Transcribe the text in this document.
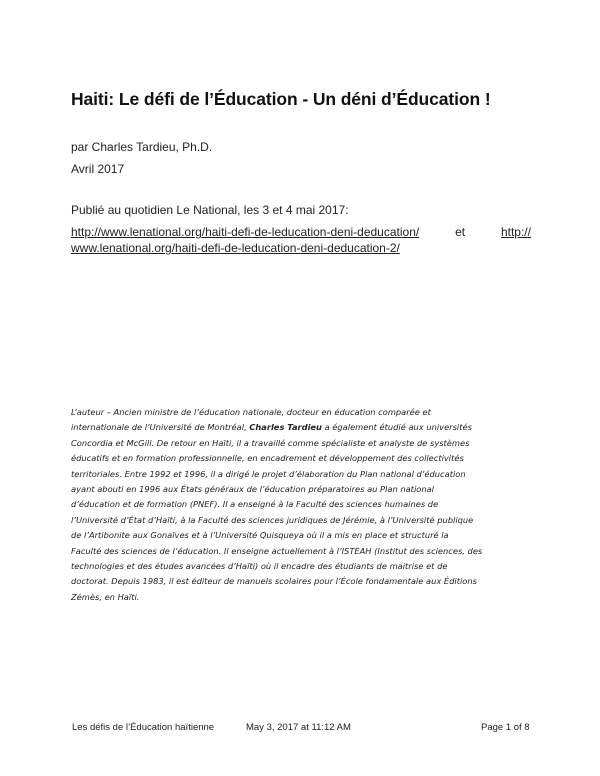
Haiti: Le défi de l’Éducation - Un déni d’Éducation !
par Charles Tardieu, Ph.D.
Avril 2017
Publié au quotidien Le National, les 3 et 4 mai 2017:
http://www.lenational.org/haiti-defi-de-leducation-deni-deducation/	et	http://
www.lenational.org/haiti-defi-de-leducation-deni-deducation-2/
L’auteur – Ancien ministre de l’éducation nationale, docteur en éducation comparée et
internationale de l’Université de Montréal, Charles Tardieu a également étudié aux universités
Concordia et McGill. De retour en Haïti, il a travaillé comme spécialiste et analyste de systèmes
éducatifs et en formation professionnelle, en encadrement et développement des collectivités
territoriales. Entre 1992 et 1996, il a dirigé le projet d’élaboration du Plan national d’éducation
ayant abouti en 1996 aux États généraux de l’éducation préparatoires au Plan national
d’éducation et de formation (PNEF). Il a enseigné à la Faculté des sciences humaines de
l’Université d’État d’Haïti, à la Faculté des sciences juridiques de Jérémie, à l’Université publique
de l’Artibonite aux Gonaïves et à l’Université Quisqueya où il a mis en place et structuré la
Faculté des sciences de l’éducation. Il enseigne actuellement à l’ISTEAH (Institut des sciences, des
technologies et des études avancées d’Haïti) où il encadre des étudiants de maitrise et de
doctorat. Depuis 1983, il est éditeur de manuels scolaires pour l’École fondamentale aux Éditions
Zémès, en Haïti.
Les défis de l’Éducation haïtienne	May 3, 2017 at 11:12 AM	Page 1 of 8
